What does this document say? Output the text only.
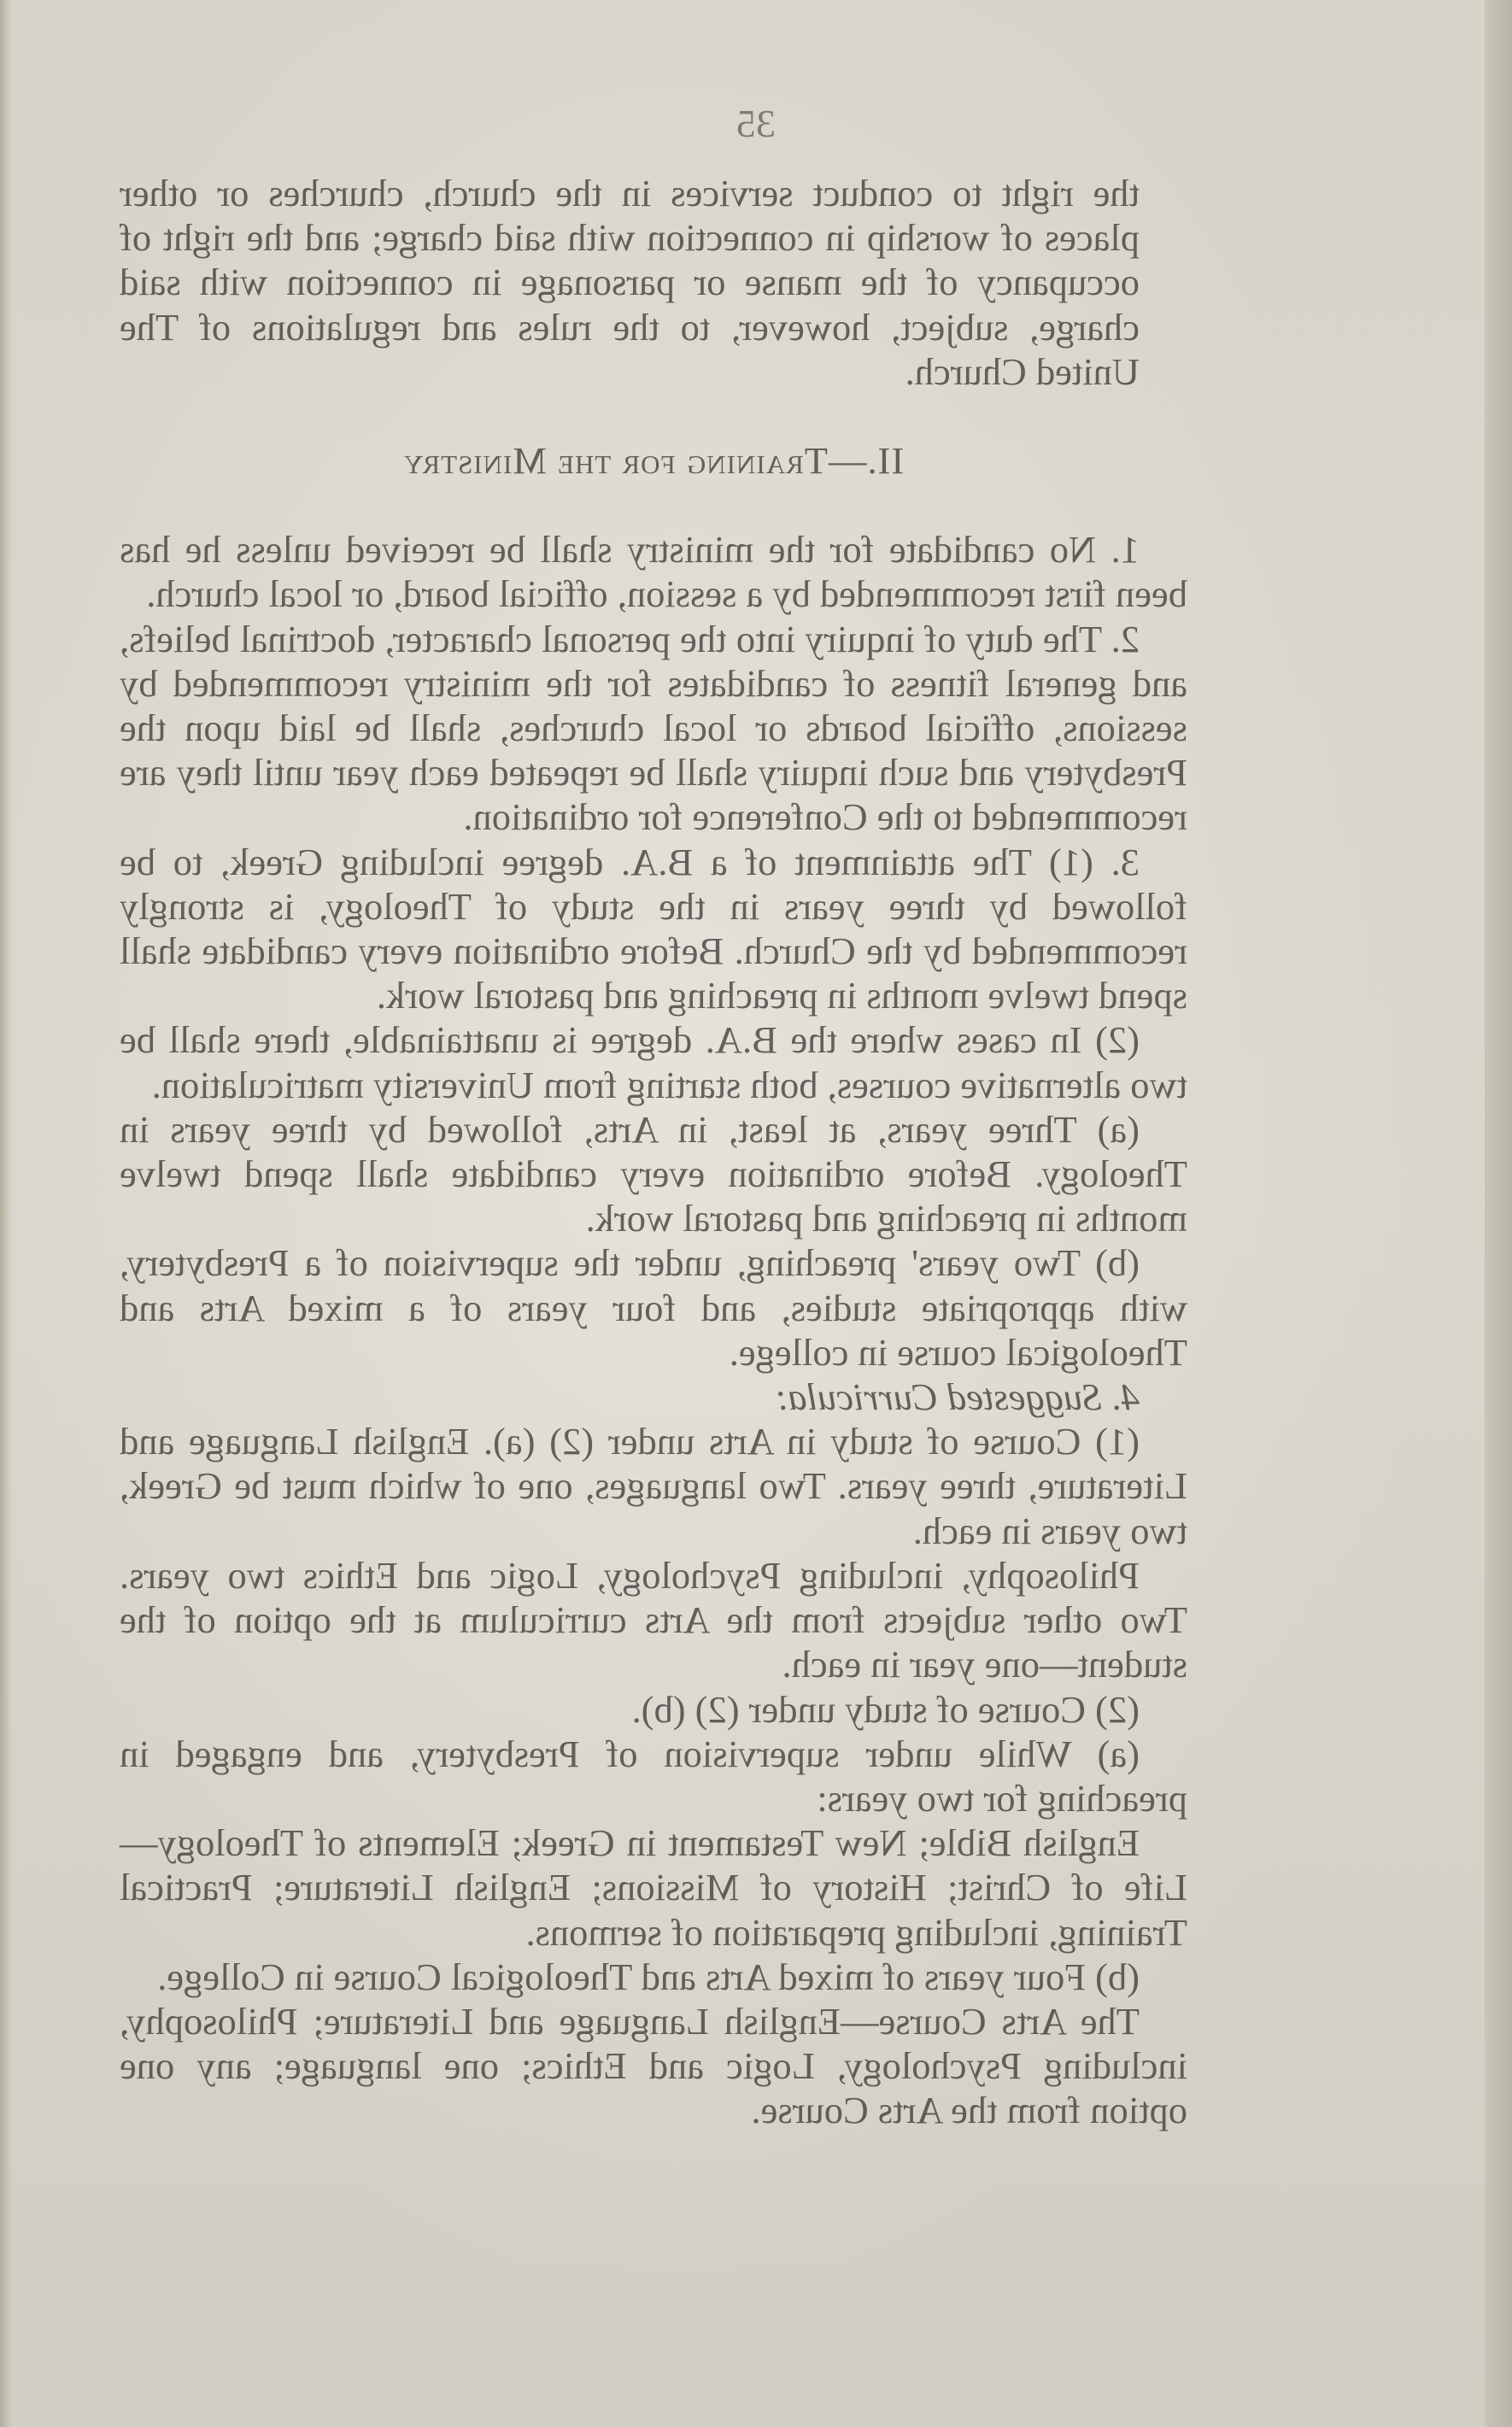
35

the right to conduct services in the church, churches or other places of worship in connection with said charge; and the right of occupancy of the manse or parsonage in connection with said charge, subject, however, to the rules and regulations of The United Church.

II.—Training for the Ministry

1. No candidate for the ministry shall be received unless he has been first recommended by a session, official board, or local church.

2. The duty of inquiry into the personal character, doctrinal beliefs, and general fitness of candidates for the ministry recommended by sessions, official boards or local churches, shall be laid upon the Presbytery and such inquiry shall be repeated each year until they are recommended to the Conference for ordination.

3. (1) The attainment of a B.A. degree including Greek, to be followed by three years in the study of Theology, is strongly recommended by the Church. Before ordination every candidate shall spend twelve months in preaching and pastoral work.

(2) In cases where the B.A. degree is unattainable, there shall be two alternative courses, both starting from University matriculation.

(a) Three years, at least, in Arts, followed by three years in Theology. Before ordination every candidate shall spend twelve months in preaching and pastoral work.

(b) Two years' preaching, under the supervision of a Presbytery, with appropriate studies, and four years of a mixed Arts and Theological course in college.

4. Suggested Curricula:

(1) Course of study in Arts under (2) (a). English Language and Literature, three years. Two languages, one of which must be Greek, two years in each.

Philosophy, including Psychology, Logic and Ethics two years. Two other subjects from the Arts curriculum at the option of the student—one year in each.

(2) Course of study under (2) (b).

(a) While under supervision of Presbytery, and engaged in preaching for two years:

English Bible; New Testament in Greek; Elements of Theology—Life of Christ; History of Missions; English Literature; Practical Training, including preparation of sermons.

(b) Four years of mixed Arts and Theological Course in College.

The Arts Course—English Language and Literature; Philosophy, including Psychology, Logic and Ethics; one language; any one option from the Arts Course.
